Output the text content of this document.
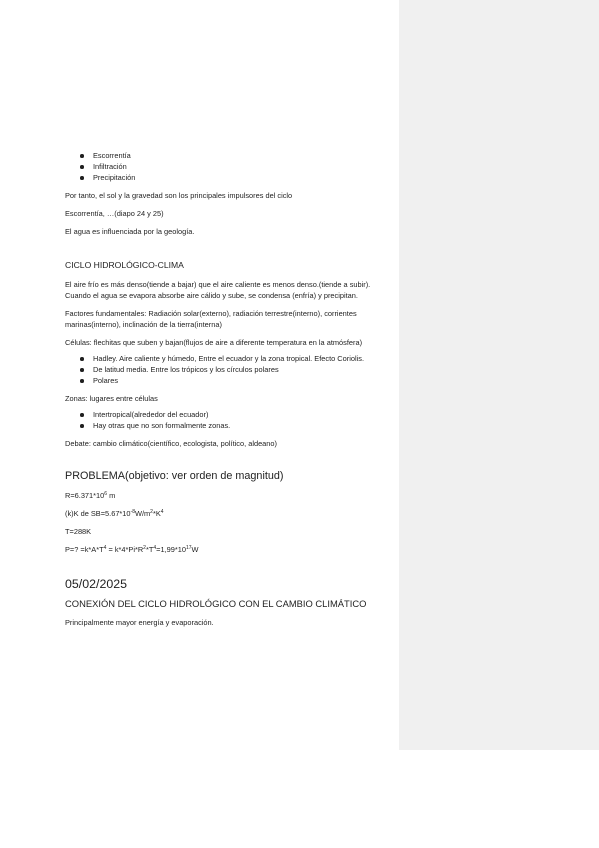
Escorrentía
Infiltración
Precipitación

Por tanto, el sol y la gravedad son los principales impulsores del ciclo

Escorrentía, …(diapo 24 y 25)

El agua es influenciada por la geología.

CICLO HIDROLÓGICO-CLIMA

El aire frío es más denso(tiende a bajar) que el aire caliente es menos denso.(tiende a subir). Cuando el agua se evapora absorbe aire cálido y sube, se condensa (enfría) y precipitan.

Factores fundamentales: Radiación solar(externo), radiación terrestre(interno), corrientes marinas(interno), inclinación de la tierra(interna)

Células: flechitas que suben y bajan(flujos de aire a diferente temperatura en la atmósfera)

Hadley. Aire caliente y húmedo, Entre el ecuador y la zona tropical. Efecto Coriolis.
De latitud media. Entre los trópicos y los círculos polares
Polares

Zonas: lugares entre células

Intertropical(alrededor del ecuador)
Hay otras que no son formalmente zonas.

Debate: cambio climático(científico, ecologista, político, aldeano)

PROBLEMA(objetivo: ver orden de magnitud)

$R=6.371*10^6$ m

(k)K de $SB=5.67*10^{-8}W/m^2*K^4$

T=288K

P=? $=k*A*T^4 = k*4*Pi*R^2*T^4=1,99*10^{17}W$

05/02/2025

CONEXIÓN DEL CICLO HIDROLÓGICO CON EL CAMBIO CLIMÁTICO

Principalmente mayor energía y evaporación.
